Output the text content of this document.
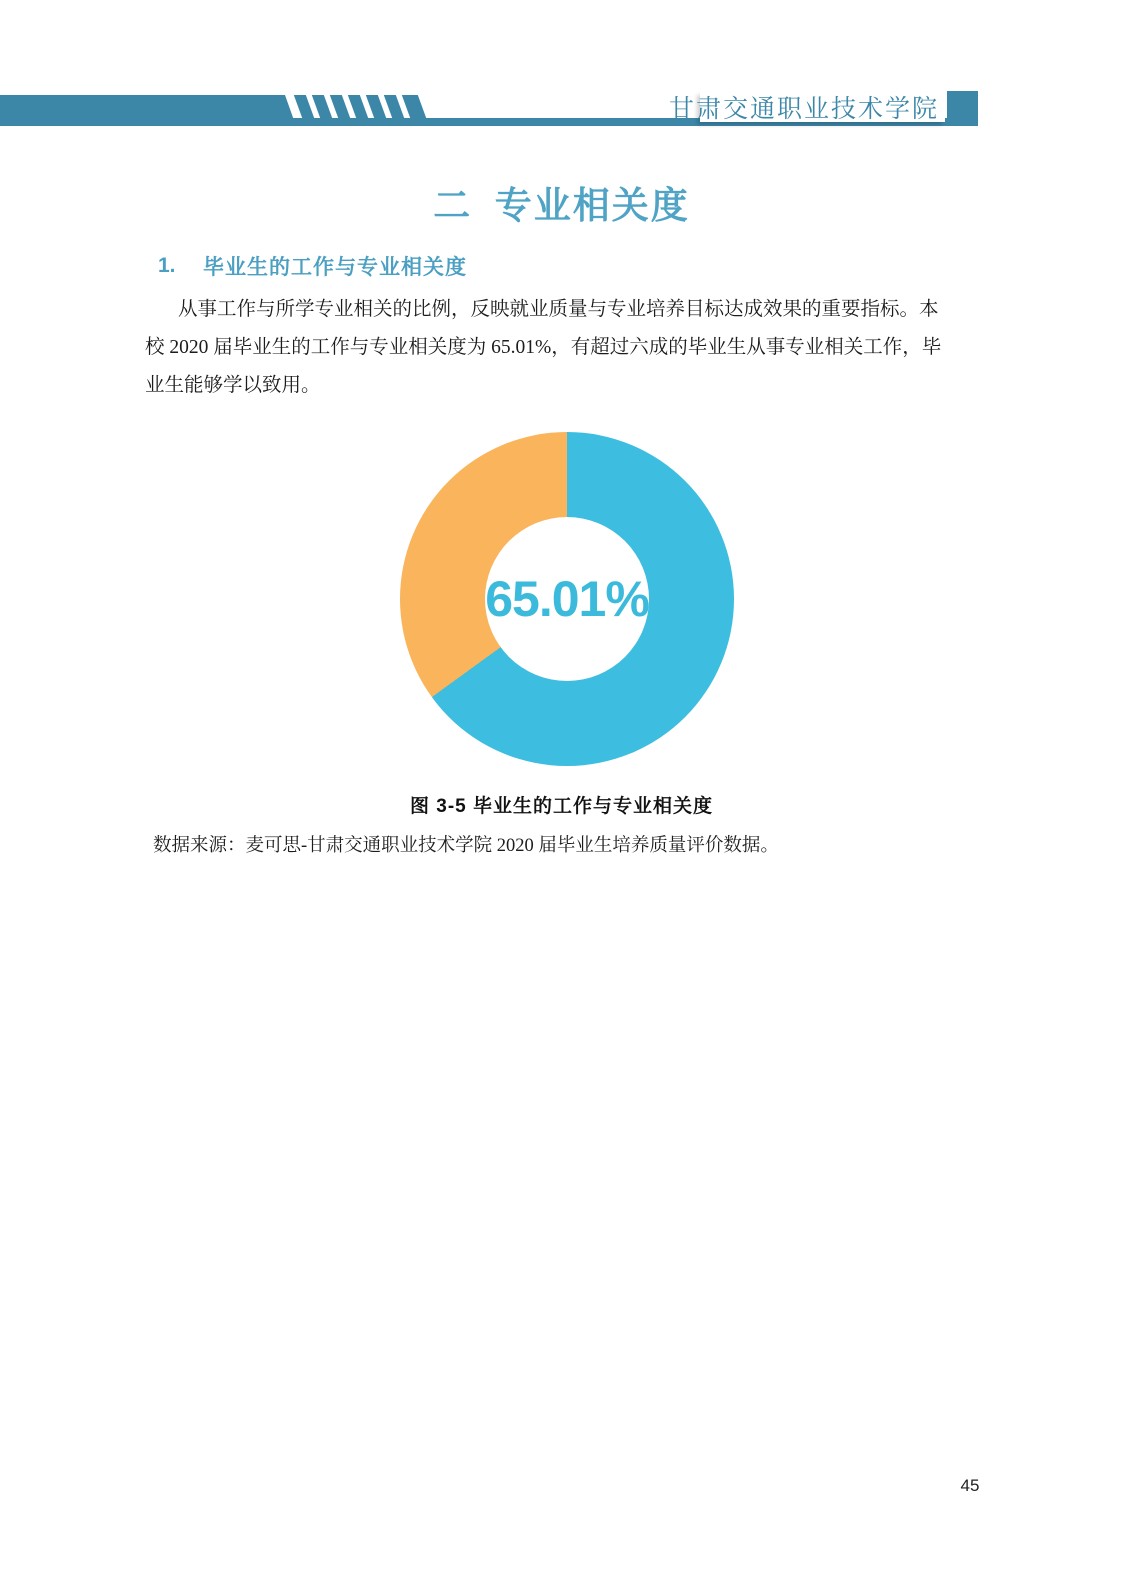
甘肃交通职业技术学院
二  专业相关度
1.	毕业生的工作与专业相关度
从事工作与所学专业相关的比例，反映就业质量与专业培养目标达成效果的重要指标。本
校 2020 届毕业生的工作与专业相关度为 65.01%，有超过六成的毕业生从事专业相关工作，毕
业生能够学以致用。
65.01%
图 3-5 毕业生的工作与专业相关度
数据来源：麦可思-甘肃交通职业技术学院 2020 届毕业生培养质量评价数据。
45
